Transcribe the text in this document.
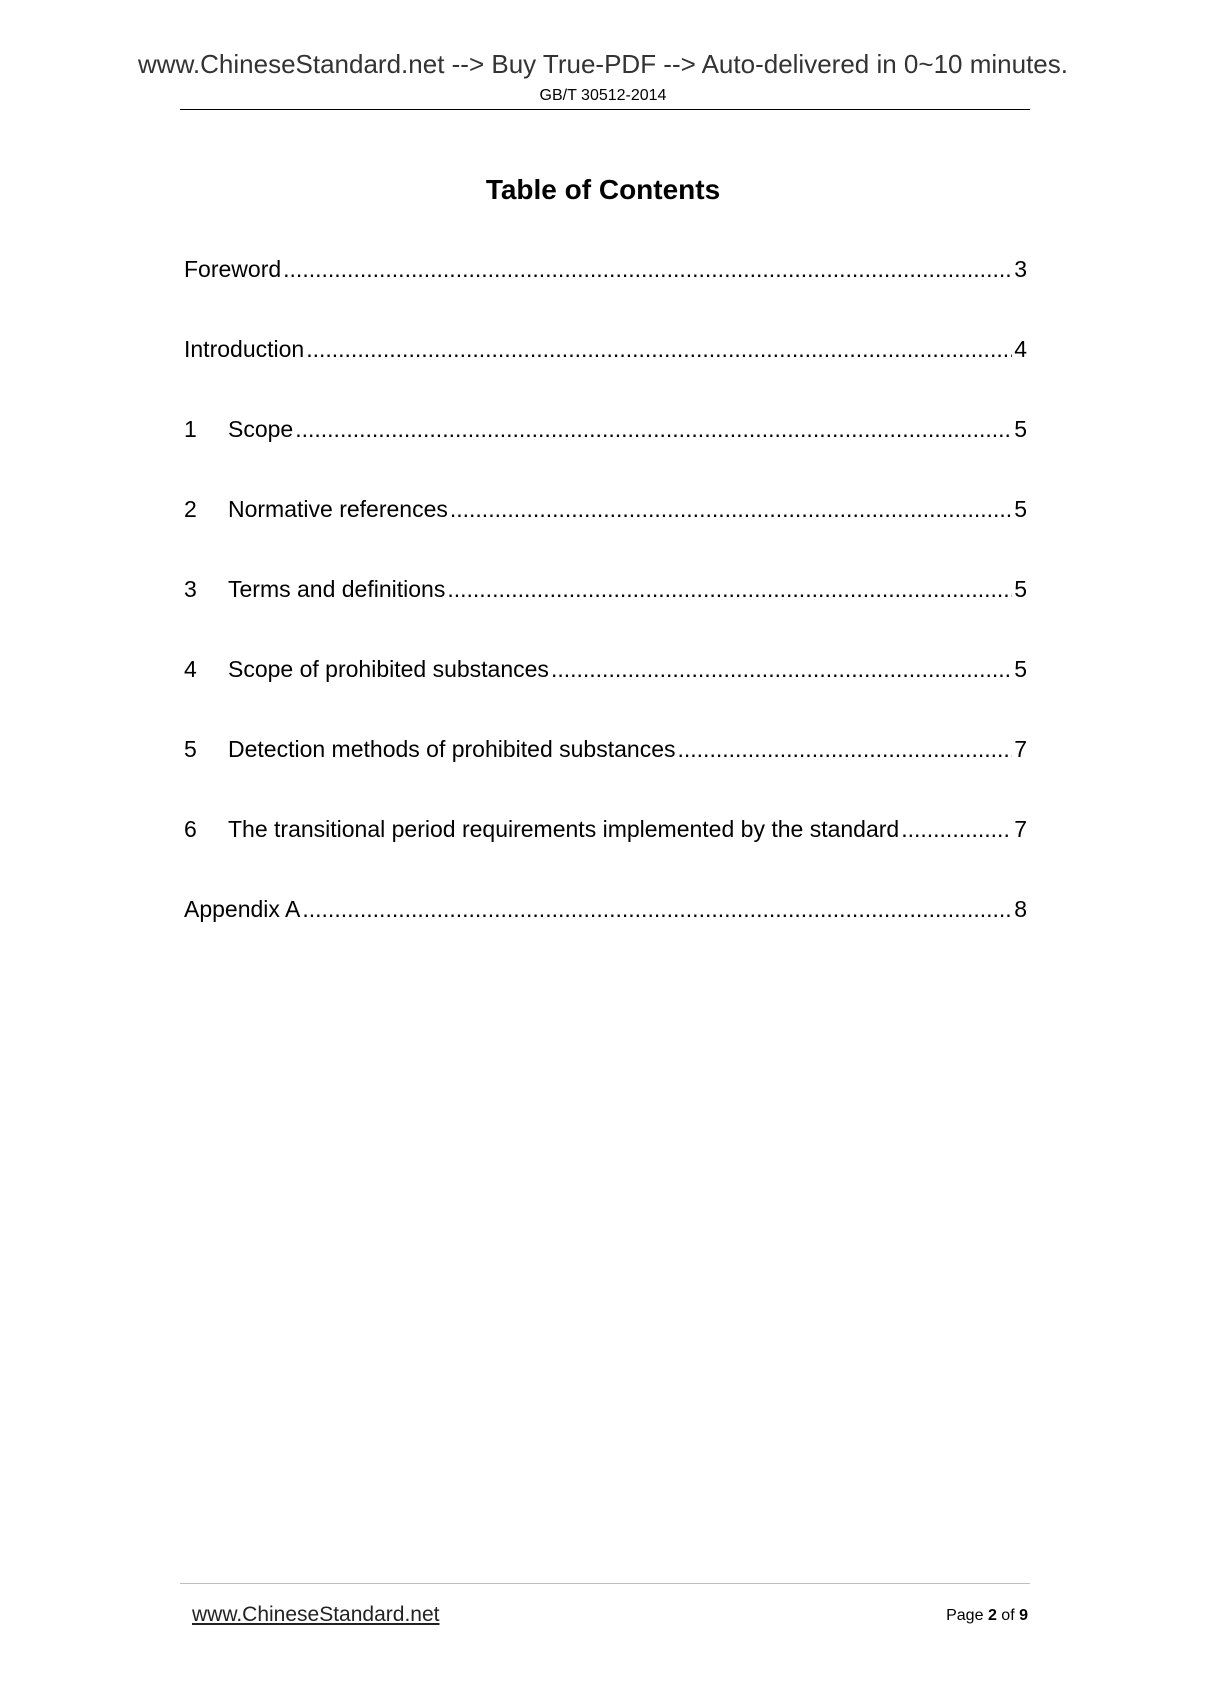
www.ChineseStandard.net --> Buy True-PDF --> Auto-delivered in 0~10 minutes.
GB/T 30512-2014
Table of Contents
Foreword .....	3
Introduction .....	4
1	Scope .....	5
2	Normative references .....	5
3	Terms and definitions .....	5
4	Scope of prohibited substances .....	5
5	Detection methods of prohibited substances .....	7
6	The transitional period requirements implemented by the standard .....	7
Appendix A .....	8
www.ChineseStandard.net	Page 2 of 9
